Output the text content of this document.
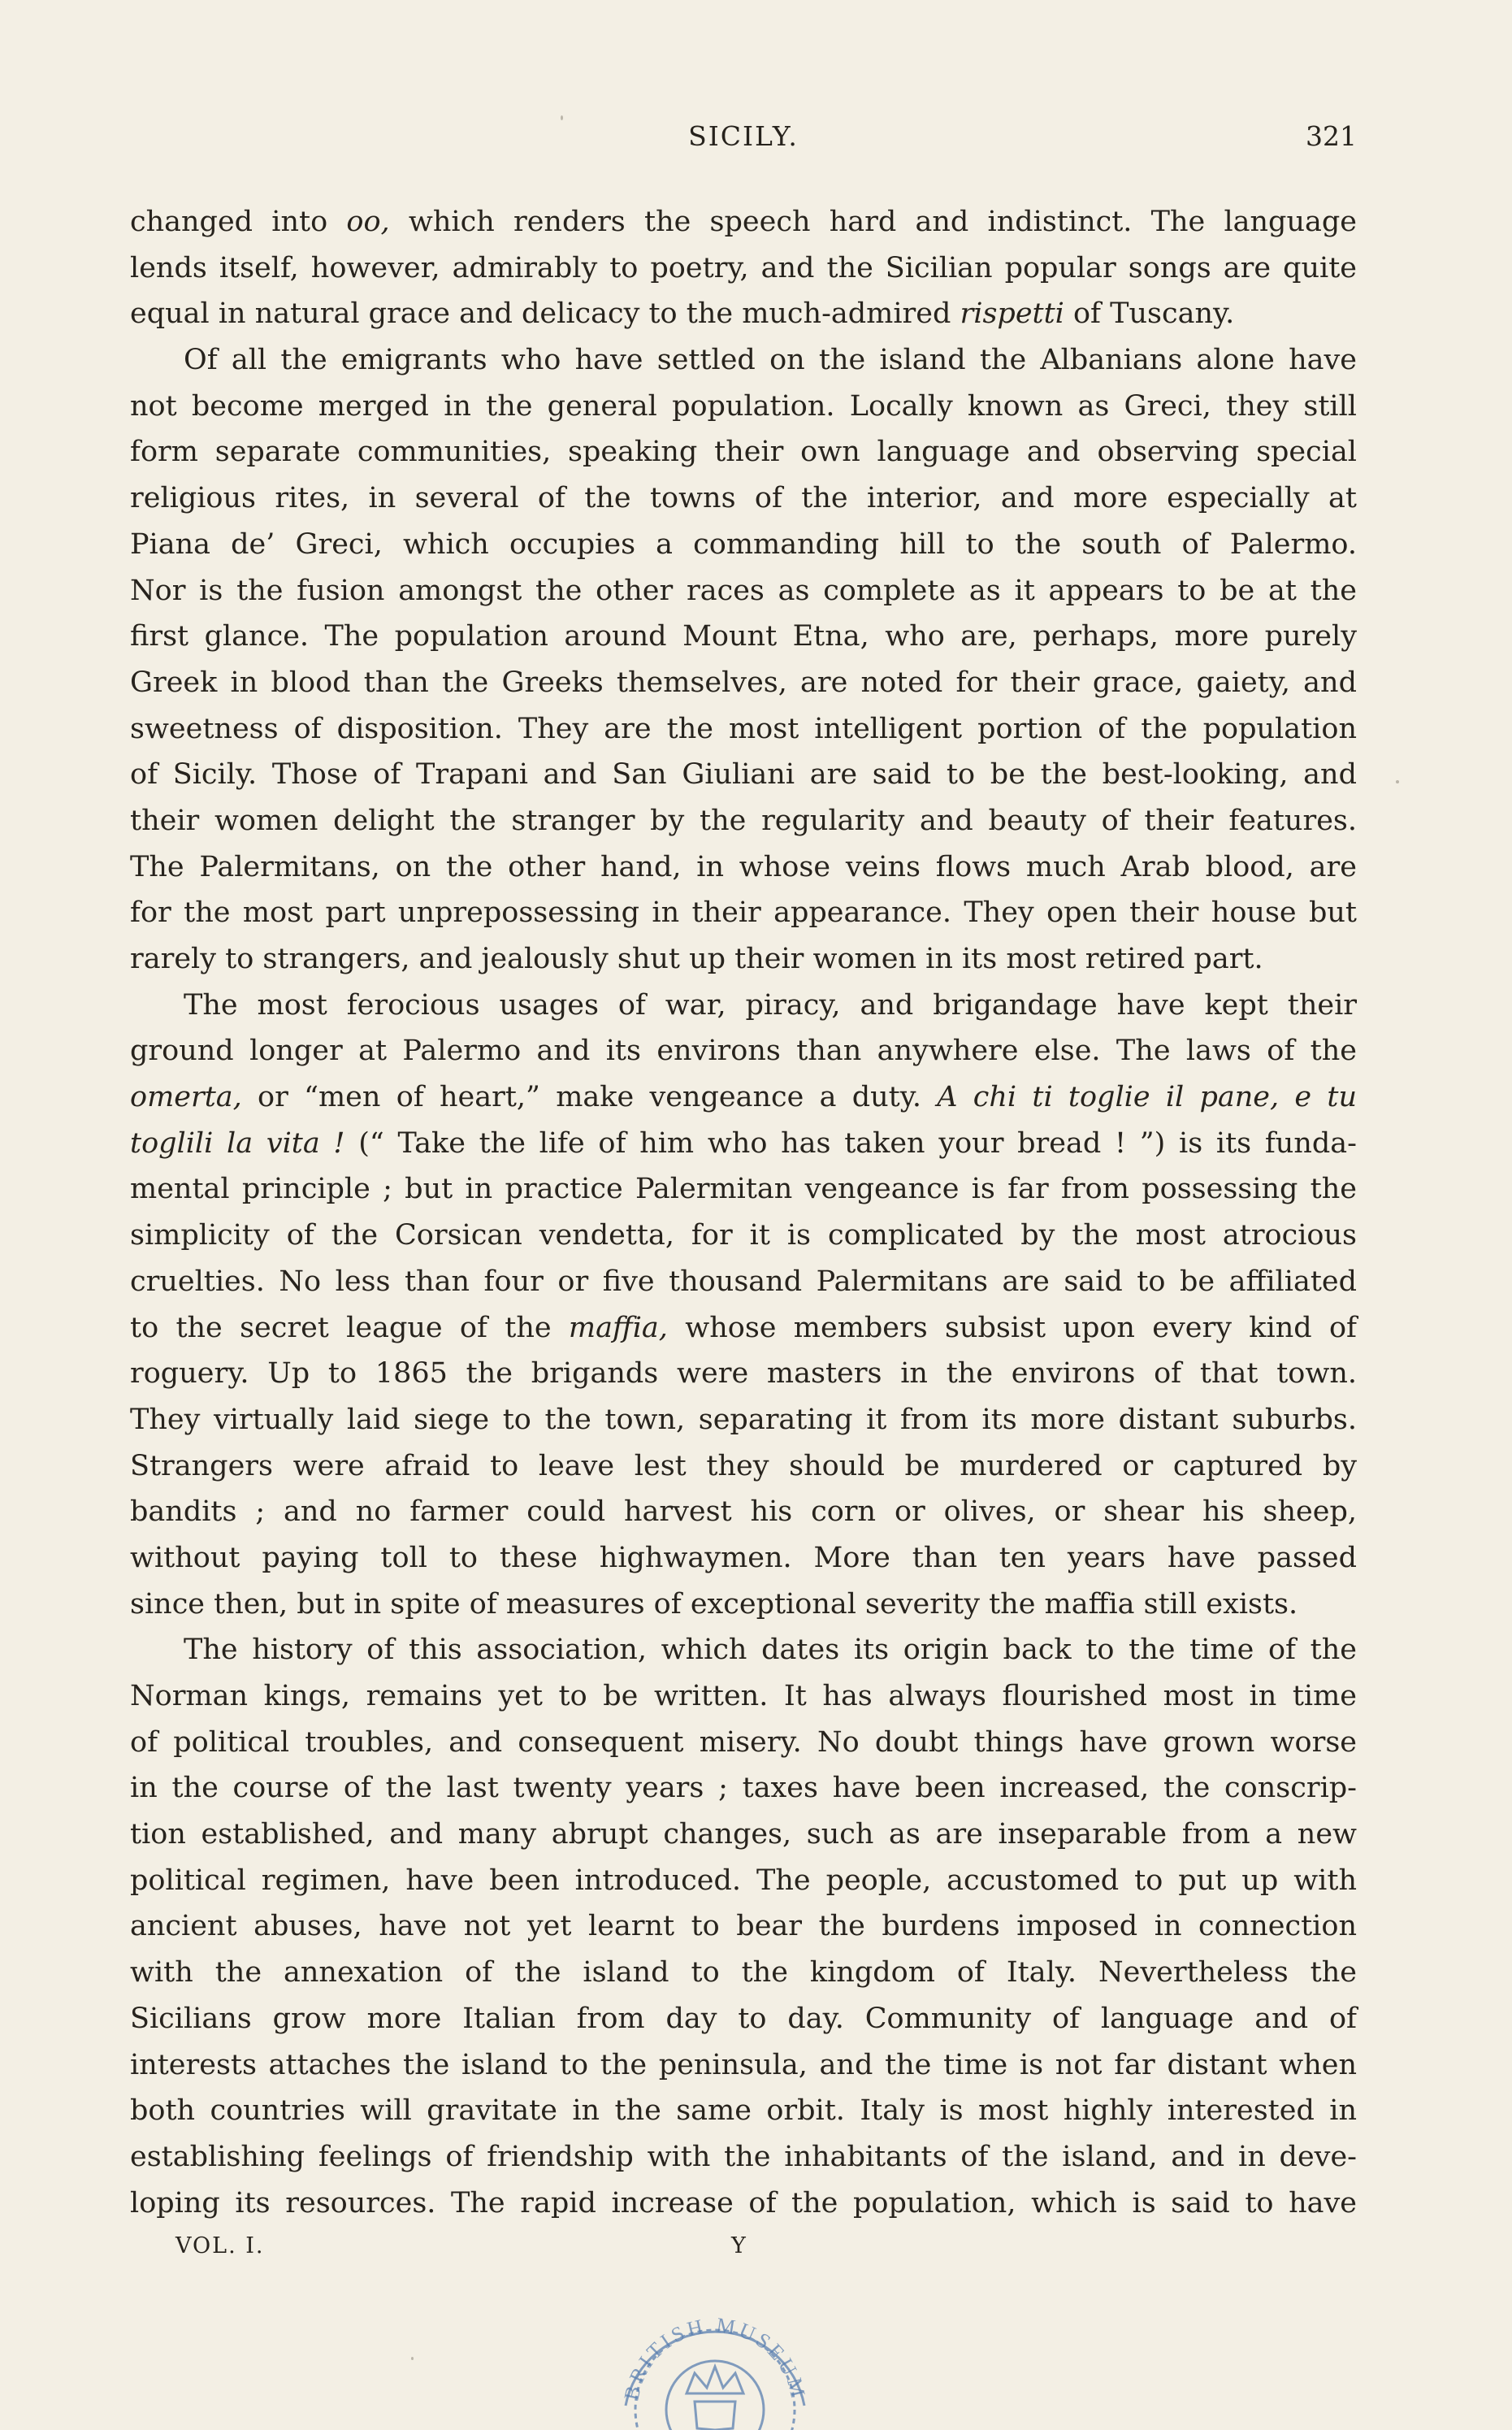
SICILY.	321
changed into oo, which renders the speech hard and indistinct. The language
lends itself, however, admirably to poetry, and the Sicilian popular songs are quite
equal in natural grace and delicacy to the much-admired rispetti of Tuscany.
Of all the emigrants who have settled on the island the Albanians alone have
not become merged in the general population. Locally known as Greci, they still
form separate communities, speaking their own language and observing special
religious rites, in several of the towns of the interior, and more especially at
Piana de’ Greci, which occupies a commanding hill to the south of Palermo.
Nor is the fusion amongst the other races as complete as it appears to be at the
first glance. The population around Mount Etna, who are, perhaps, more purely
Greek in blood than the Greeks themselves, are noted for their grace, gaiety, and
sweetness of disposition. They are the most intelligent portion of the population
of Sicily. Those of Trapani and San Giuliani are said to be the best-looking, and
their women delight the stranger by the regularity and beauty of their features.
The Palermitans, on the other hand, in whose veins flows much Arab blood, are
for the most part unprepossessing in their appearance. They open their house but
rarely to strangers, and jealously shut up their women in its most retired part.
The most ferocious usages of war, piracy, and brigandage have kept their
ground longer at Palermo and its environs than anywhere else. The laws of the
omerta, or “men of heart,” make vengeance a duty. A chi ti toglie il pane, e tu
toglili la vita ! (“ Take the life of him who has taken your bread ! ”) is its funda-
mental principle ; but in practice Palermitan vengeance is far from possessing the
simplicity of the Corsican vendetta, for it is complicated by the most atrocious
cruelties. No less than four or five thousand Palermitans are said to be affiliated
to the secret league of the maffia, whose members subsist upon every kind of
roguery. Up to 1865 the brigands were masters in the environs of that town.
They virtually laid siege to the town, separating it from its more distant suburbs.
Strangers were afraid to leave lest they should be murdered or captured by
bandits ; and no farmer could harvest his corn or olives, or shear his sheep,
without paying toll to these highwaymen. More than ten years have passed
since then, but in spite of measures of exceptional severity the maffia still exists.
The history of this association, which dates its origin back to the time of the
Norman kings, remains yet to be written. It has always flourished most in time
of political troubles, and consequent misery. No doubt things have grown worse
in the course of the last twenty years ; taxes have been increased, the conscrip-
tion established, and many abrupt changes, such as are inseparable from a new
political regimen, have been introduced. The people, accustomed to put up with
ancient abuses, have not yet learnt to bear the burdens imposed in connection
with the annexation of the island to the kingdom of Italy. Nevertheless the
Sicilians grow more Italian from day to day. Community of language and of
interests attaches the island to the peninsula, and the time is not far distant when
both countries will gravitate in the same orbit. Italy is most highly interested in
establishing feelings of friendship with the inhabitants of the island, and in deve-
loping its resources. The rapid increase of the population, which is said to have
VOL. I.	Y
BRITISH MUSEUM
